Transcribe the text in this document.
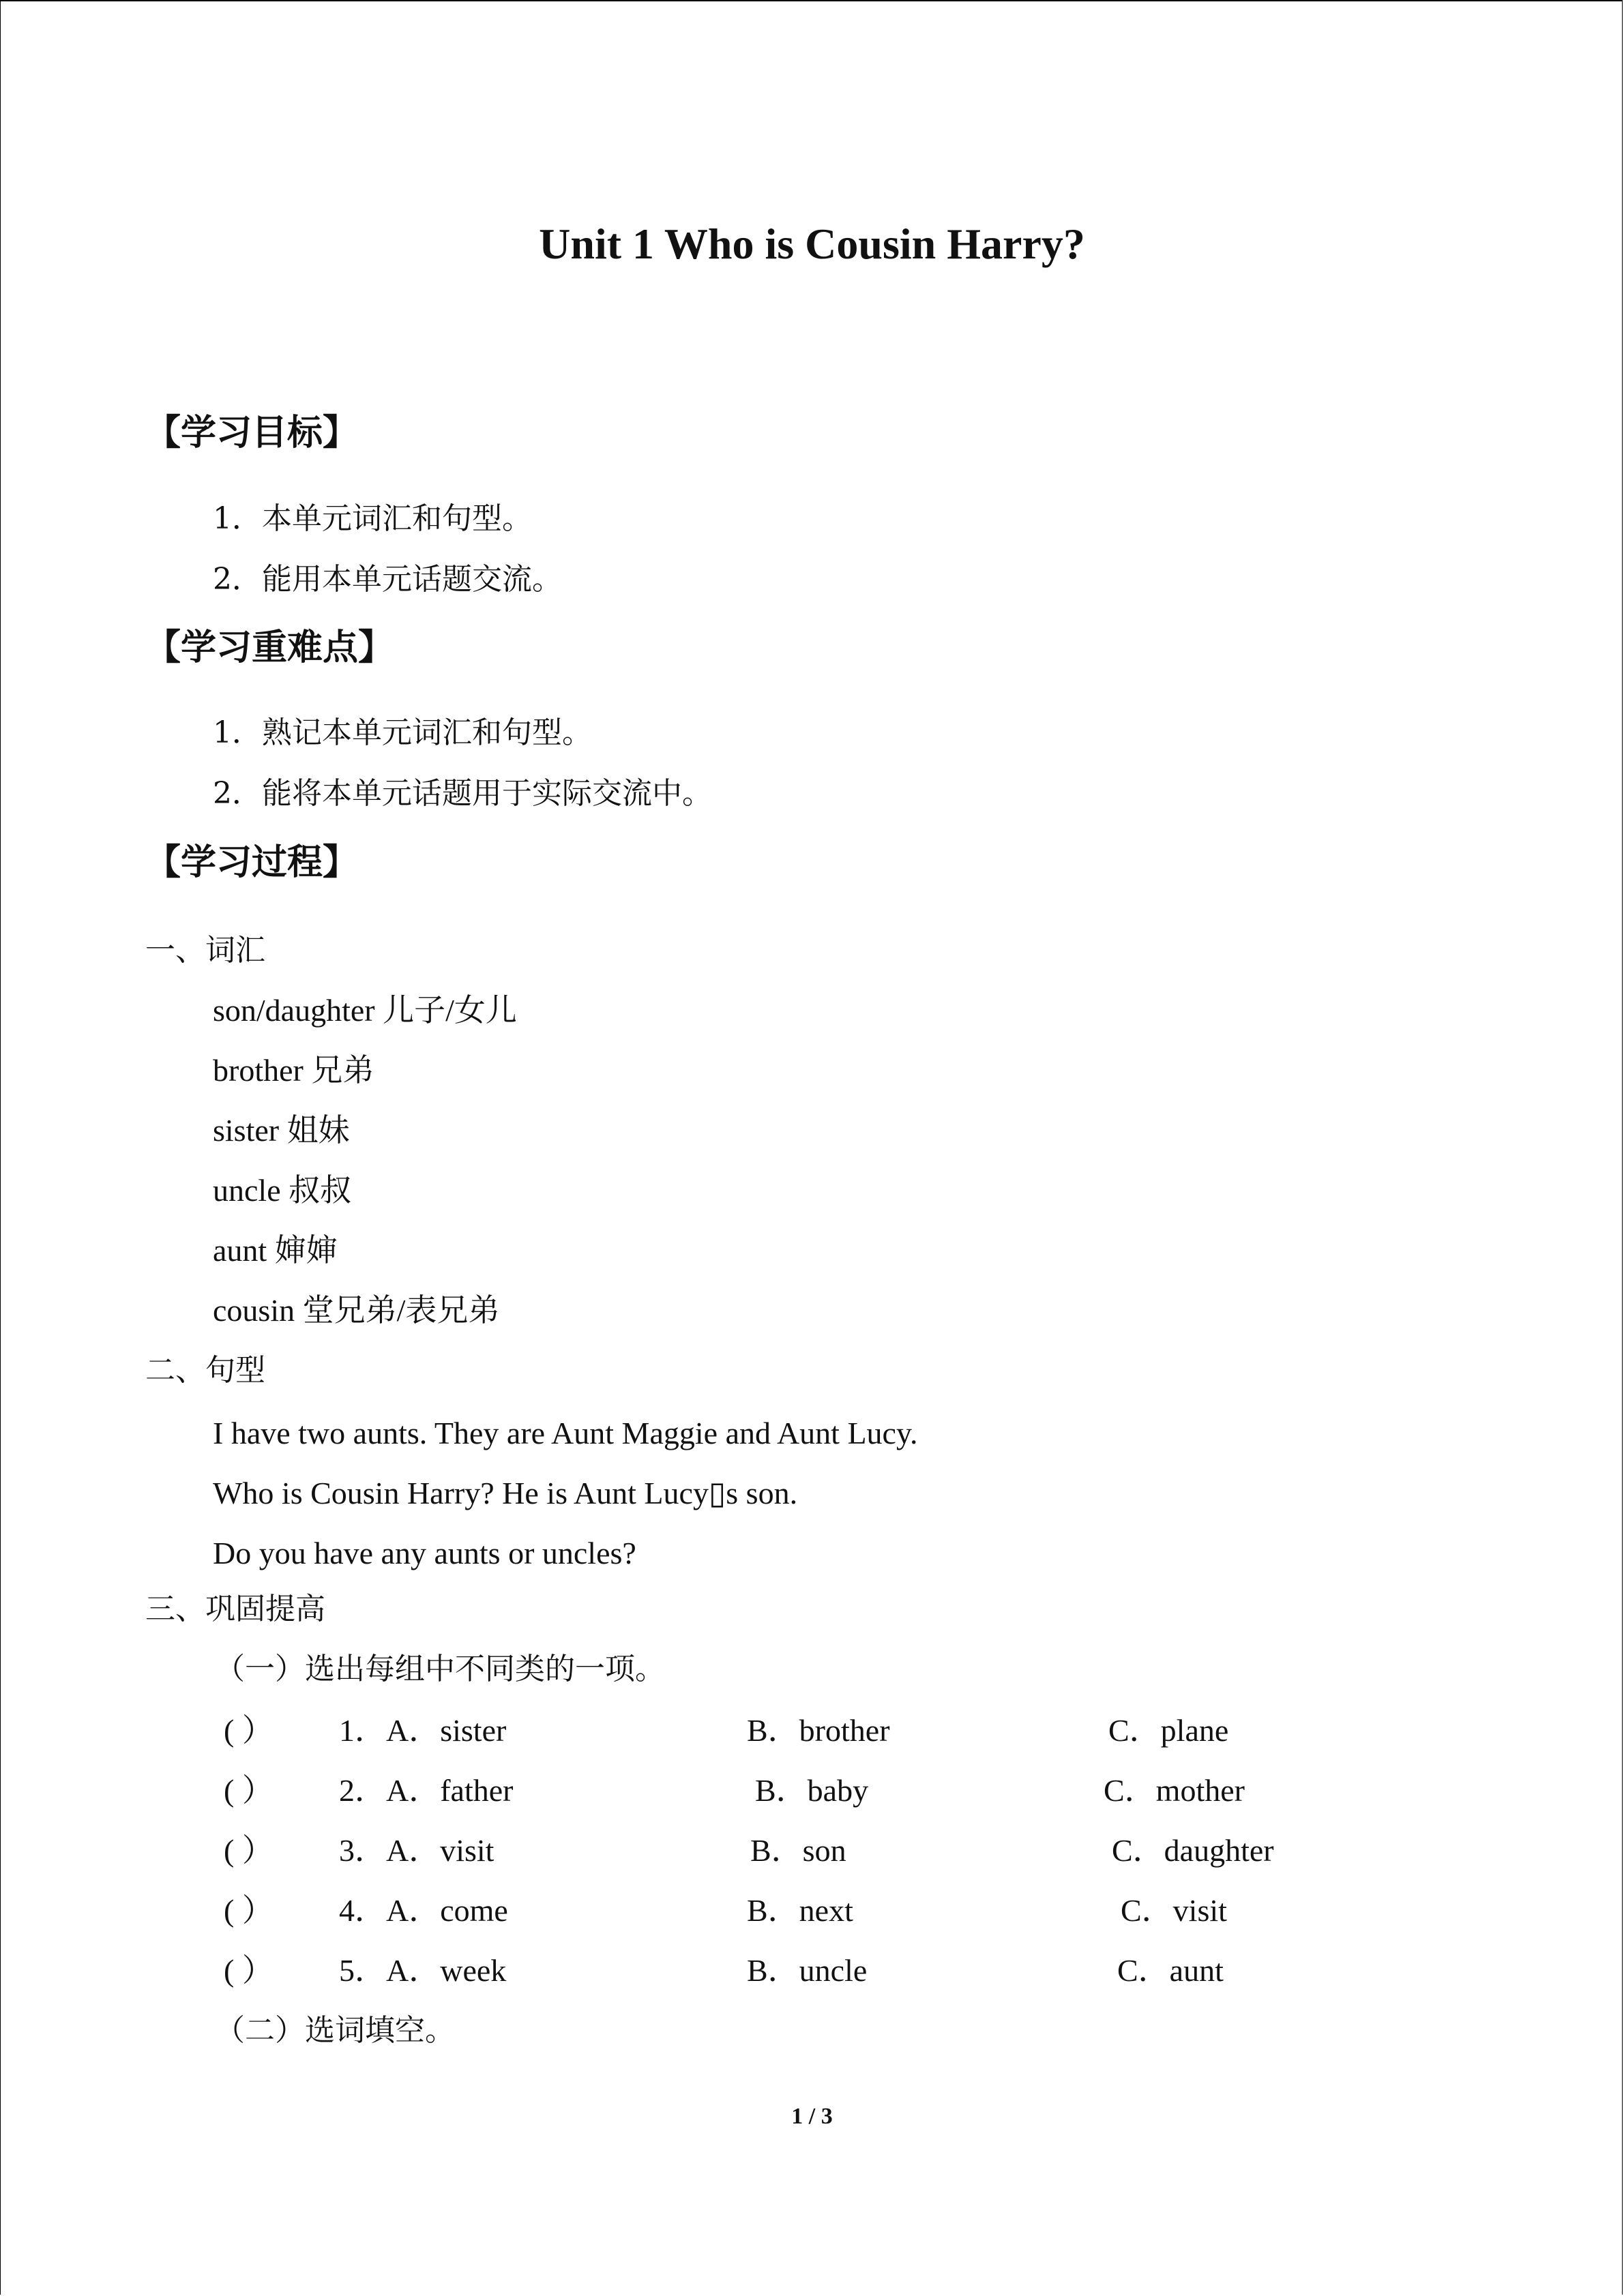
Unit 1 Who is Cousin Harry?
【学习目标】
1．本单元词汇和句型。
2．能用本单元话题交流。
【学习重难点】
1．熟记本单元词汇和句型。
2．能将本单元话题用于实际交流中。
【学习过程】
一、词汇
son/daughter 儿子/女儿
brother 兄弟
sister 姐妹
uncle 叔叔
aunt 婶婶
cousin 堂兄弟/表兄弟
二、句型
I have two aunts. They are Aunt Maggie and Aunt Lucy.
Who is Cousin Harry? He is Aunt Lucy▯s son.
Do you have any aunts or uncles?
三、巩固提高
（一）选出每组中不同类的一项。
( ） 1．A．sister	B．brother	C．plane
( ） 2．A．father	B．baby	C．mother
( ） 3．A．visit	B．son	C．daughter
( ） 4．A．come	B．next	C．visit
( ） 5．A．week	B．uncle	C．aunt
（二）选词填空。
1 / 3
